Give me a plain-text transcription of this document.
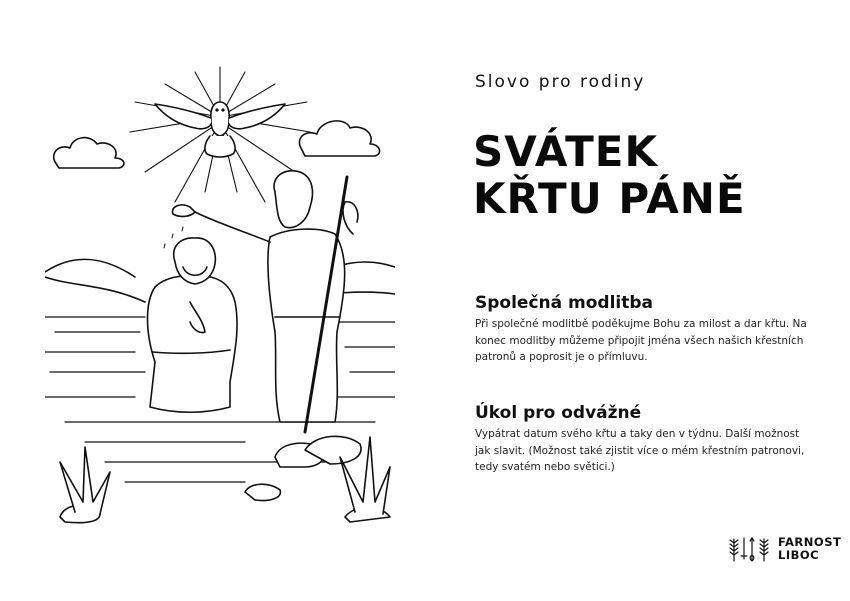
Slovo pro rodiny
SVÁTEK
KŘTU PÁNĚ
Společná modlitba

Při společné modlitbě poděkujme Bohu za milost a dar křtu. Na konec modlitby můžeme připojit jména všech našich křestních patronů a poprosit je o přímluvu.

Úkol pro odvážné

Vypátrat datum svého křtu a taky den v týdnu. Další možnost jak slavit. (Možnost také zjistit více o mém křestním patronovi, tedy svatém nebo světici.)

FARNOST
LIBOC
